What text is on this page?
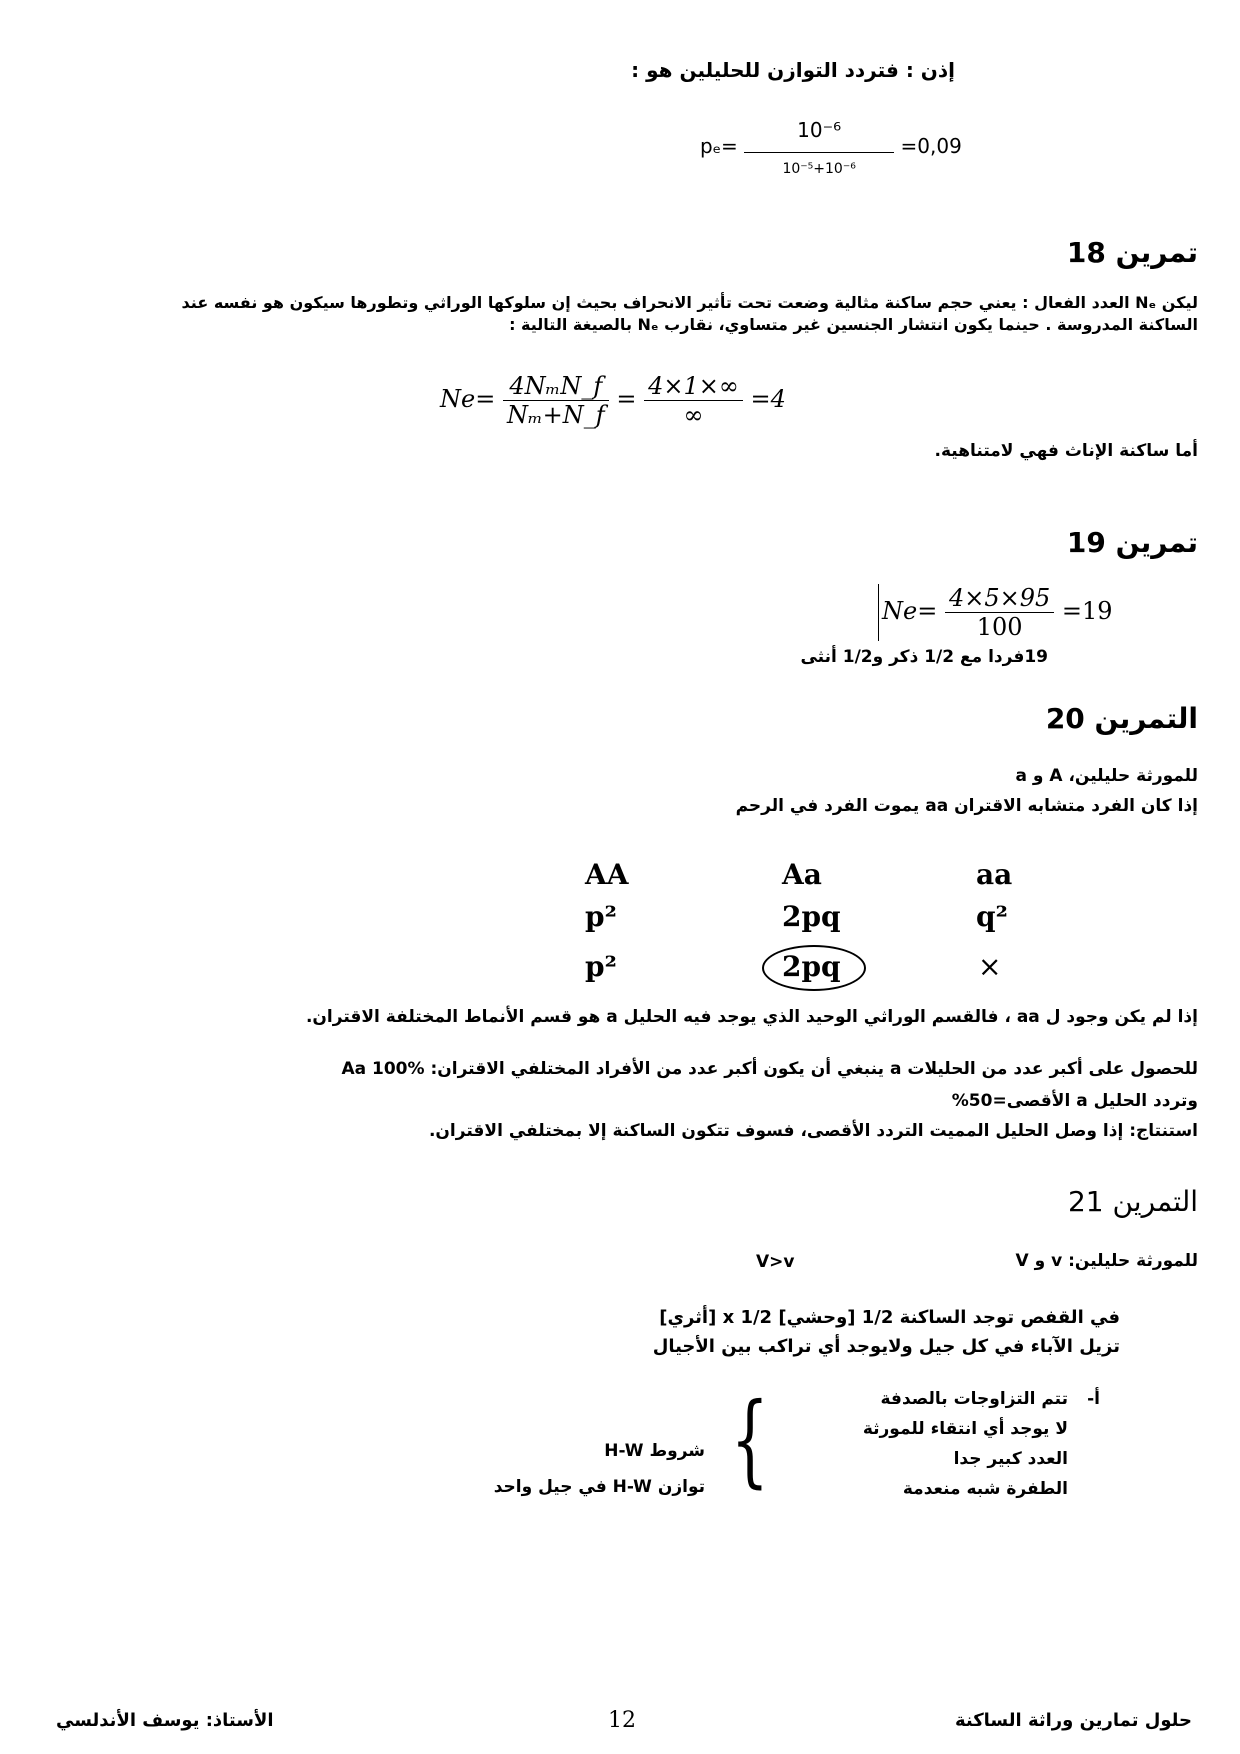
إذن : فتردد التوازن للحليلين هو :
$p_e= \frac{\text{10⁻⁶}}{\text{10⁻⁵+10⁻⁶}} =0,09$
تمرين 18
ليكن Nₑ العدد الفعال : يعني حجم ساكنة مثالية وضعت تحت تأثير الانحراف بحيث إن سلوكها الوراثي وتطورها سيكون هو نفسه عند الساكنة المدروسة . حينما يكون انتشار الجنسين غير متساوي، نقارب Nₑ بالصيغة التالية :
$Ne= \frac{\text{4NₘN\_f}}{\text{Nₘ+N\_f}} = \frac{4\times 1\times\infty}{\infty} =4$
أما ساكنة الإناث فهي لامتناهية.
تمرين 19
$Ne= \frac{4\times 5\times 95}{100} =19$
19فردا مع 1/2 ذكر و1/2 أنثى
التمرين 20
للمورثة حليلين، A و a
إذا كان الفرد متشابه الاقتران aa يموت الفرد في الرحم
AA	Aa	aa
p²	2pq	q²
p²	2pq	×
إذا لم يكن وجود ل aa ، فالقسم الوراثي الوحيد الذي يوجد فيه الحليل a هو قسم الأنماط المختلفة الاقتران.
للحصول على أكبر عدد من الحليلات a ينبغي أن يكون أكبر عدد من الأفراد المختلفي الاقتران: Aa 100%
وتردد الحليل a الأقصى=50%
استنتاج: إذا وصل الحليل المميت التردد الأقصى، فسوف تتكون الساكنة إلا بمختلفي الاقتران.
التمرين 21
للمورثة حليلين: v و V
V>v
في القفص توجد الساكنة 1/2 [وحشي] x 1/2 [أثري]
تزيل الآباء في كل جيل ولايوجد أي تراكب بين الأجيال
أ-
تتم التزاوجات بالصدفة
لا يوجد أي انتقاء للمورثة
العدد كبير جدا
الطفرة شبه منعدمة
{
شروط H-W
توازن H-W في جيل واحد
حلول تمارين وراثة الساكنة
12
الأستاذ: يوسف الأندلسي
